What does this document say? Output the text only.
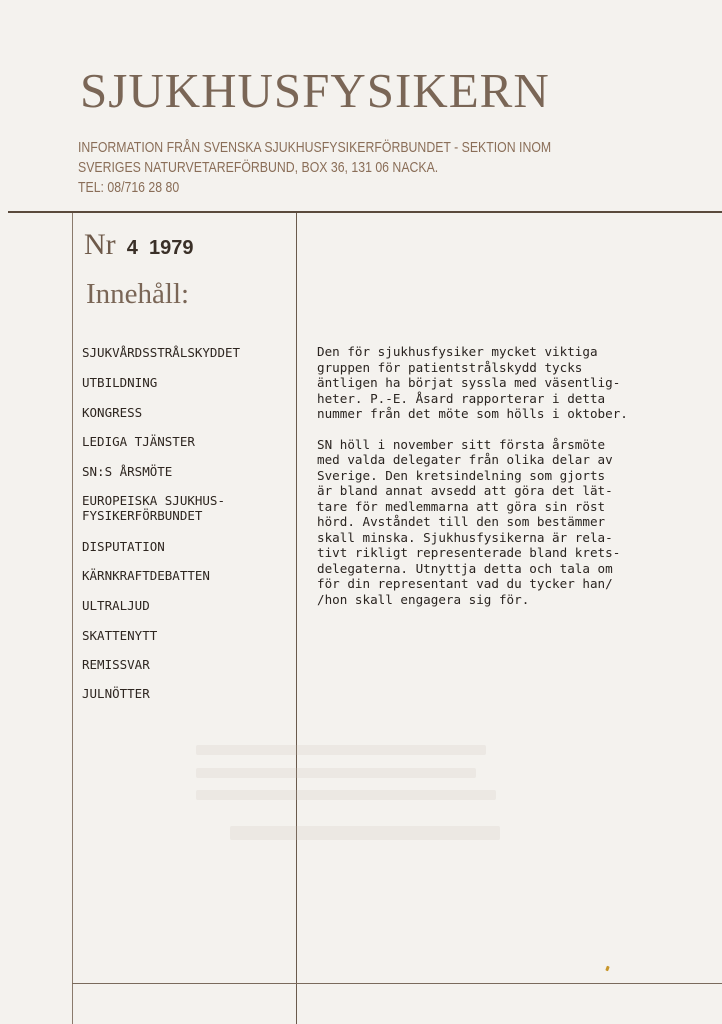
SJUKHUSFYSIKERN
INFORMATION FRÅN SVENSKA SJUKHUSFYSIKERFÖRBUNDET - SEKTION INOM
SVERIGES NATURVETAREFÖRBUND, BOX 36, 131 06 NACKA.
TEL: 08/716 28 80
Nr 4 1979
Innehåll:
SJUKVÅRDSSTRÅLSKYDDET
UTBILDNING
KONGRESS
LEDIGA TJÄNSTER
SN:S ÅRSMÖTE
EUROPEISKA SJUKHUS-
FYSIKERFÖRBUNDET
DISPUTATION
KÄRNKRAFTDEBATTEN
ULTRALJUD
SKATTENYTT
REMISSVAR
JULNÖTTER

Den för sjukhusfysiker mycket viktiga
gruppen för patientstrålskydd tycks
äntligen ha börjat syssla med väsentlig-
heter. P.-E. Åsard rapporterar i detta
nummer från det möte som hölls i oktober.

SN höll i november sitt första årsmöte
med valda delegater från olika delar av
Sverige. Den kretsindelning som gjorts
är bland annat avsedd att göra det lät-
tare för medlemmarna att göra sin röst
hörd. Avståndet till den som bestämmer
skall minska. Sjukhusfysikerna är rela-
tivt rikligt representerade bland krets-
delegaterna. Utnyttja detta och tala om
för din representant vad du tycker han/
/hon skall engagera sig för.
